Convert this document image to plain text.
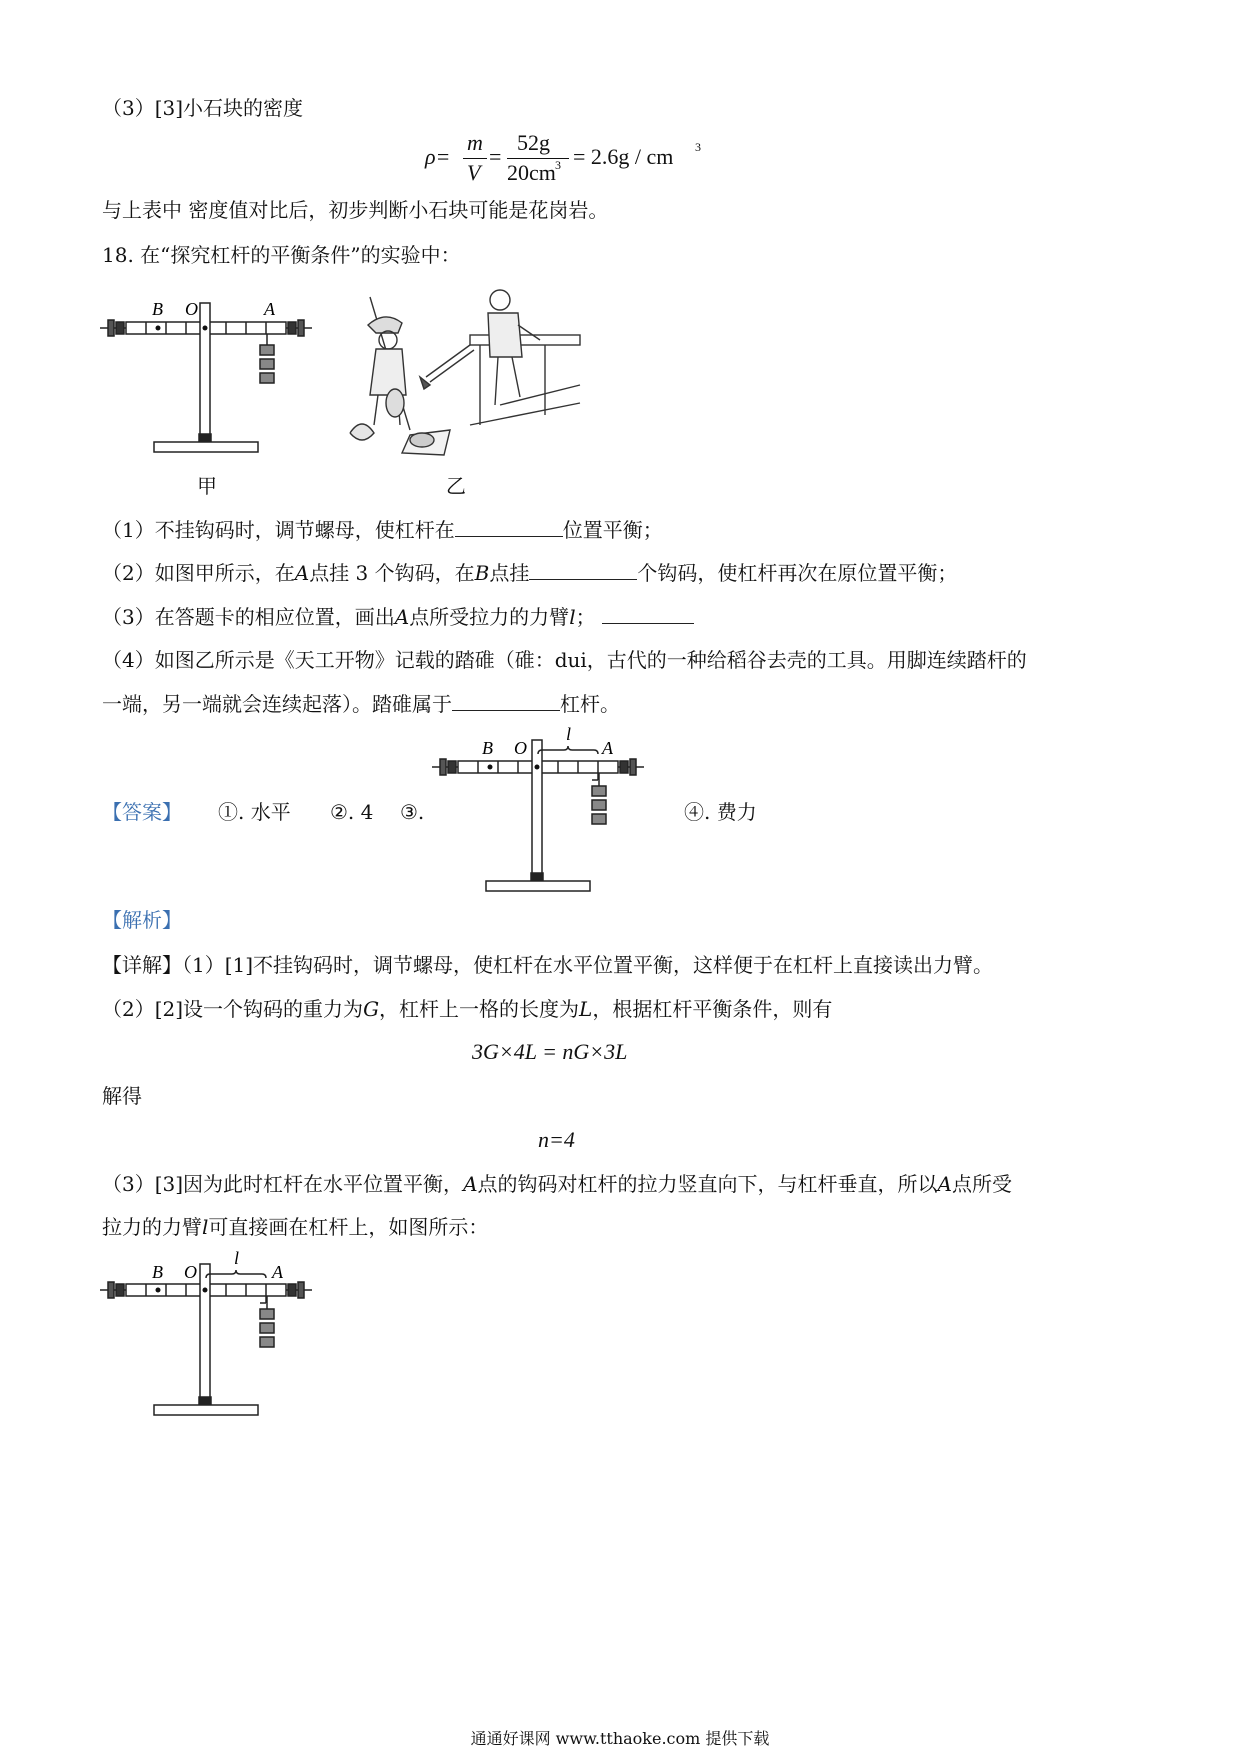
（3）[3]小石块的密度
ρ=
m
V
=
52g
20cm 3 = 2.6g / cm 3
与上表中 密度值对比后，初步判断小石块可能是花岗岩。
18. 在“探究杠杆的平衡条件”的实验中：
B O	A
甲	乙
（1）不挂钩码时，调节螺母，使杠杆在	位置平衡；
（2）如图甲所示，在A点挂 3 个钩码，在B点挂	个钩码，使杠杆再次在原位置平衡；
（3）在答题卡的相应位置，画出A点所受拉力的力臂l；
（4）如图乙所示是《天工开物》记载的踏碓（碓：dui，古代的一种给稻谷去壳的工具。用脚连续踏杆的
一端，另一端就会连续起落）。踏碓属于	杠杆。
【答案】 ①. 水平 ②. 4 ③.	④. 费力
B O	A
l
【解析】
【详解】（1）[1]不挂钩码时，调节螺母，使杠杆在水平位置平衡，这样便于在杠杆上直接读出力臂。
（2）[2]设一个钩码的重力为G，杠杆上一格的长度为L，根据杠杆平衡条件，则有
3G×4L = nG×3L
解得
n=4
（3）[3]因为此时杠杆在水平位置平衡，A点的钩码对杠杆的拉力竖直向下，与杠杆垂直，所以A点所受
拉力的力臂l可直接画在杠杆上，如图所示：
B O	A
l
通通好课网 www.tthaoke.com 提供下载
